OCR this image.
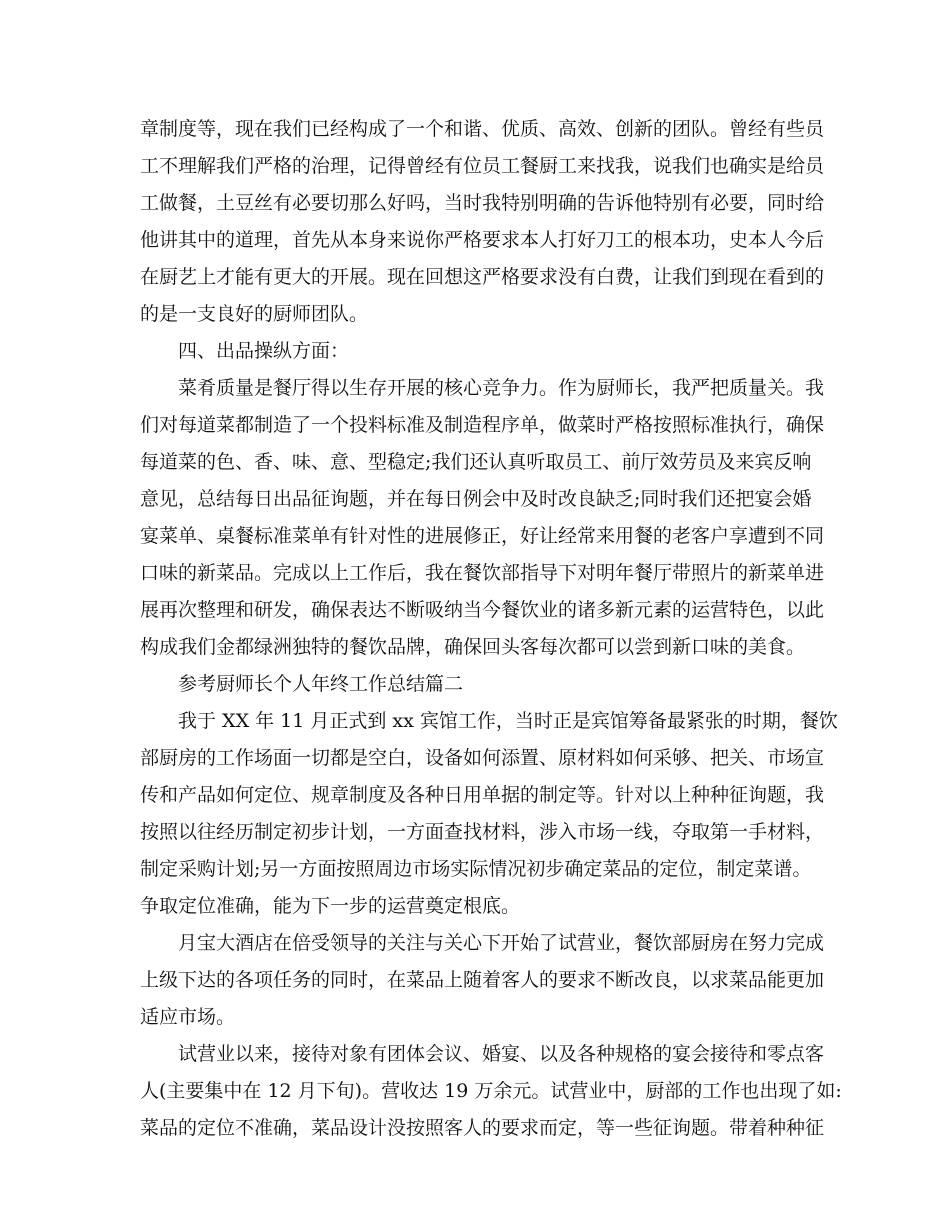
章制度等，现在我们已经构成了一个和谐、优质、高效、创新的团队。曾经有些员
工不理解我们严格的治理，记得曾经有位员工餐厨工来找我，说我们也确实是给员
工做餐，土豆丝有必要切那么好吗，当时我特别明确的告诉他特别有必要，同时给
他讲其中的道理，首先从本身来说你严格要求本人打好刀工的根本功，史本人今后
在厨艺上才能有更大的开展。现在回想这严格要求没有白费，让我们到现在看到的
的是一支良好的厨师团队。
　　四、出品操纵方面：
　　菜肴质量是餐厅得以生存开展的核心竞争力。作为厨师长，我严把质量关。我
们对每道菜都制造了一个投料标准及制造程序单，做菜时严格按照标准执行，确保
每道菜的色、香、味、意、型稳定;我们还认真听取员工、前厅效劳员及来宾反响
意见，总结每日出品征询题，并在每日例会中及时改良缺乏;同时我们还把宴会婚
宴菜单、桌餐标准菜单有针对性的进展修正，好让经常来用餐的老客户享遭到不同
口味的新菜品。完成以上工作后，我在餐饮部指导下对明年餐厅带照片的新菜单进
展再次整理和研发，确保表达不断吸纳当今餐饮业的诸多新元素的运营特色，以此
构成我们金都绿洲独特的餐饮品牌，确保回头客每次都可以尝到新口味的美食。
　　参考厨师长个人年终工作总结篇二
　　我于 XX 年 11 月正式到 xx 宾馆工作，当时正是宾馆筹备最紧张的时期，餐饮
部厨房的工作场面一切都是空白，设备如何添置、原材料如何采够、把关、市场宣
传和产品如何定位、规章制度及各种日用单据的制定等。针对以上种种征询题，我
按照以往经历制定初步计划，一方面查找材料，涉入市场一线，夺取第一手材料，
制定采购计划;另一方面按照周边市场实际情况初步确定菜品的定位，制定菜谱。
争取定位准确，能为下一步的运营奠定根底。
　　月宝大酒店在倍受领导的关注与关心下开始了试营业，餐饮部厨房在努力完成
上级下达的各项任务的同时，在菜品上随着客人的要求不断改良，以求菜品能更加
适应市场。
　　试营业以来，接待对象有团体会议、婚宴、以及各种规格的宴会接待和零点客
人(主要集中在 12 月下旬)。营收达 19 万余元。试营业中，厨部的工作也出现了如:
菜品的定位不准确，菜品设计没按照客人的要求而定，等一些征询题。带着种种征
